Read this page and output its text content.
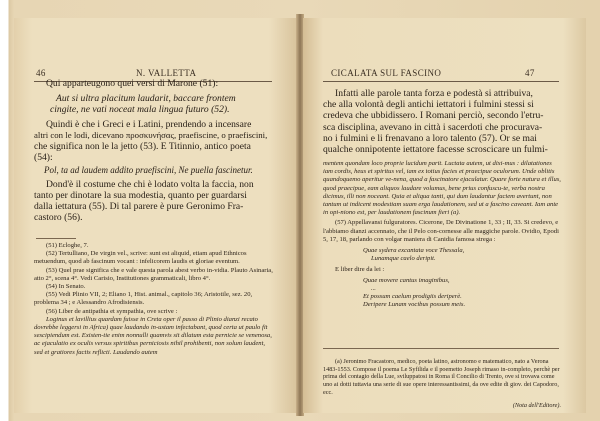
46	N. VALLETTA

Qui apparteugono quei versi di Marone (51):

Aut si ultra placitum laudarit, baccare frontem

cingite, ne vati noceat mala lingua futuro (52).

Quindi è che i Greci e i Latini, prendendo a incensare

altri con le lodi, dicevano προσκυνήσας, praefiscine, o praefiscini,

che significa non le la jetto (53). E Titinnio, antico poeta

(54):

Pol, ta ad laudem addito praefiscini, Ne puella fascinetur.

Dond'è il costume che chi è lodato volta la faccia, non

tanto per dinotare la sua modestia, quanto per guardarsi

dalla iettatura (55). Di tal parere è pure Geronimo Fra-

castoro (56).

(51) Ecloghe, 7.

(52) Tertulliano, De virgin vel., scrive: sunt est aliquid, etiam apud Ethnicos metuendum, quod ab fascinum vocant : infelicorem laudis et gloriae eventum.

(53) Quel prae significa che e vale questa parola abest verbo in-vidia. Plauto Asinaria, atto 2°, scena 4°. Vedi Carisio, Institutiones grammaticali, libro 4°.

(54) In Senato.

(55) Vedi Plinio VII, 2; Eliano 1, Hist. animal., capitolo 36; Aristotile, sez. 20, problema 34 ; e Alessandro Afrodisiensis.

(56) Liber de antipathia et sympathia, ove scrive :

Loginus et lavillius quardam fuisse in Creta oper il passo di Plinio dianzi recato dovrebbe leggersi in Africa) quae laudando in-ustam infectabant, quod certa ut paulo fit sescipiendum est. Existen-tie enim nonnulli quamvis sit dilatum esta pernicie se venenosa, ac ejaculatio ex oculis versus spiritibus perniciosis nihil prohibenti, non solum laudent, sed et gratiores factis reflicti. Laudando autem

CICALATA SUL FASCINO	47

Infatti alle parole tanta forza e podestà si attribuiva,

che alla volontà degli antichi iettatori i fulmini stessi si

credeva che ubbidissero. I Romani perciò, secondo l'etru-

sca disciplina, avevano in città i sacerdoti che procurava-

no i fulmini e li frenavano a loro talento (57). Or se mai

qualche onnipotente iettatore facesse scroscicare un fulmi-

mentem quondam loco proprie lucidum parit. Luctata autem, ut dixi-mus : dilatationes iam cordis, heus et spiritus vel, iam ex totius facies et praecipue oculorum. Unde oblitis quandoquemo aperitur ve-nena, quod a fascinatore ejaculatur. Quare forte natura et illus, quod praecipue, eam aliquos laudare volumus, bene prius confuscu-te, verba nostra dicimus, illi non noceant. Quia et aliqua tanti, qui dum laudantur faciem avertunt, non tantum ut indicent modestiam suam erga laudationem, sed ut a fascino caveant. Iam ante in opi-niono est, per laudationem fascinum fieri (a).

(57) Appellavansi fulguratores. Cicerone, De Divinatione 1, 33 ; II, 33. Si credevo, e l'abbiamo dianzi accennato, che il Pelo con-cornesse alle maggiche parole. Ovidio, Epodi 5, 17, 18, parlando con volgar maniera di Canidia famosa strega :

Quae sydera excantata voce Thessala,

Lunamque caelo deripit.

E liber dire da lei :

Quae movere cantus imaginibus,

...

Et possum caelum prodigiis deriperè.

Deripere Lunam vocibus possum meis.

(a) Jeronimo Fracastoro, medico, poeta latino, astronomo e matematico, nato a Verona 1483-1553. Compose il poema Le Syfilida e il poemetto Joseph rimaso in-completo, perchè per prima del contagio della Lue, sviluppatosi in Roma il Concilio di Trento, ove si trovava come uno ai dotti tuttavia una serie di sue opere interessantissimi, da ove edite di giov. dei Capodoro, ecc.

(Nota dell'Editore).
